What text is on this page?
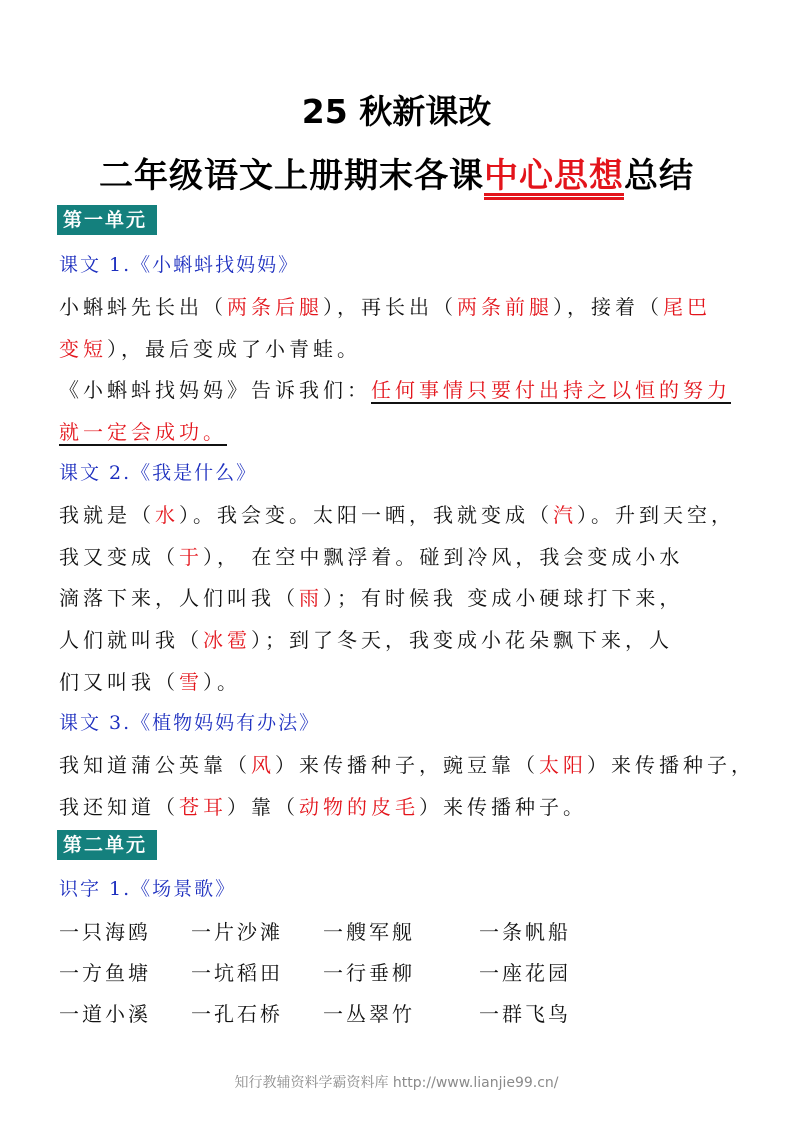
25 秋新课改
二年级语文上册期末各课中心思想总结
第一单元
课文 1.《小蝌蚪找妈妈》
小蝌蚪先长出（两条后腿），再长出（两条前腿），接着（尾巴
变短），最后变成了小青蛙。
《小蝌蚪找妈妈》告诉我们：任何事情只要付出持之以恒的努力
就一定会成功。
课文 2.《我是什么》
我就是（水）。我会变。太阳一晒，我就变成（汽）。升到天空，
我又变成（于）， 在空中飘浮着。碰到冷风，我会变成小水
滴落下来，人们叫我（雨）；有时候我 变成小硬球打下来，
人们就叫我（冰雹）；到了冬天，我变成小花朵飘下来，人
们又叫我（雪）。
课文 3.《植物妈妈有办法》
我知道蒲公英靠（风）来传播种子，豌豆靠（太阳）来传播种子，
我还知道（苍耳）靠（动物的皮毛）来传播种子。
第二单元
识字 1.《场景歌》
一只海鸥 一片沙滩 一艘军舰	一条帆船
一方鱼塘 一坑稻田 一行垂柳	一座花园
一道小溪 一孔石桥 一丛翠竹	一群飞鸟
知行教辅资料学霸资料库 http://www.lianjie99.cn/
